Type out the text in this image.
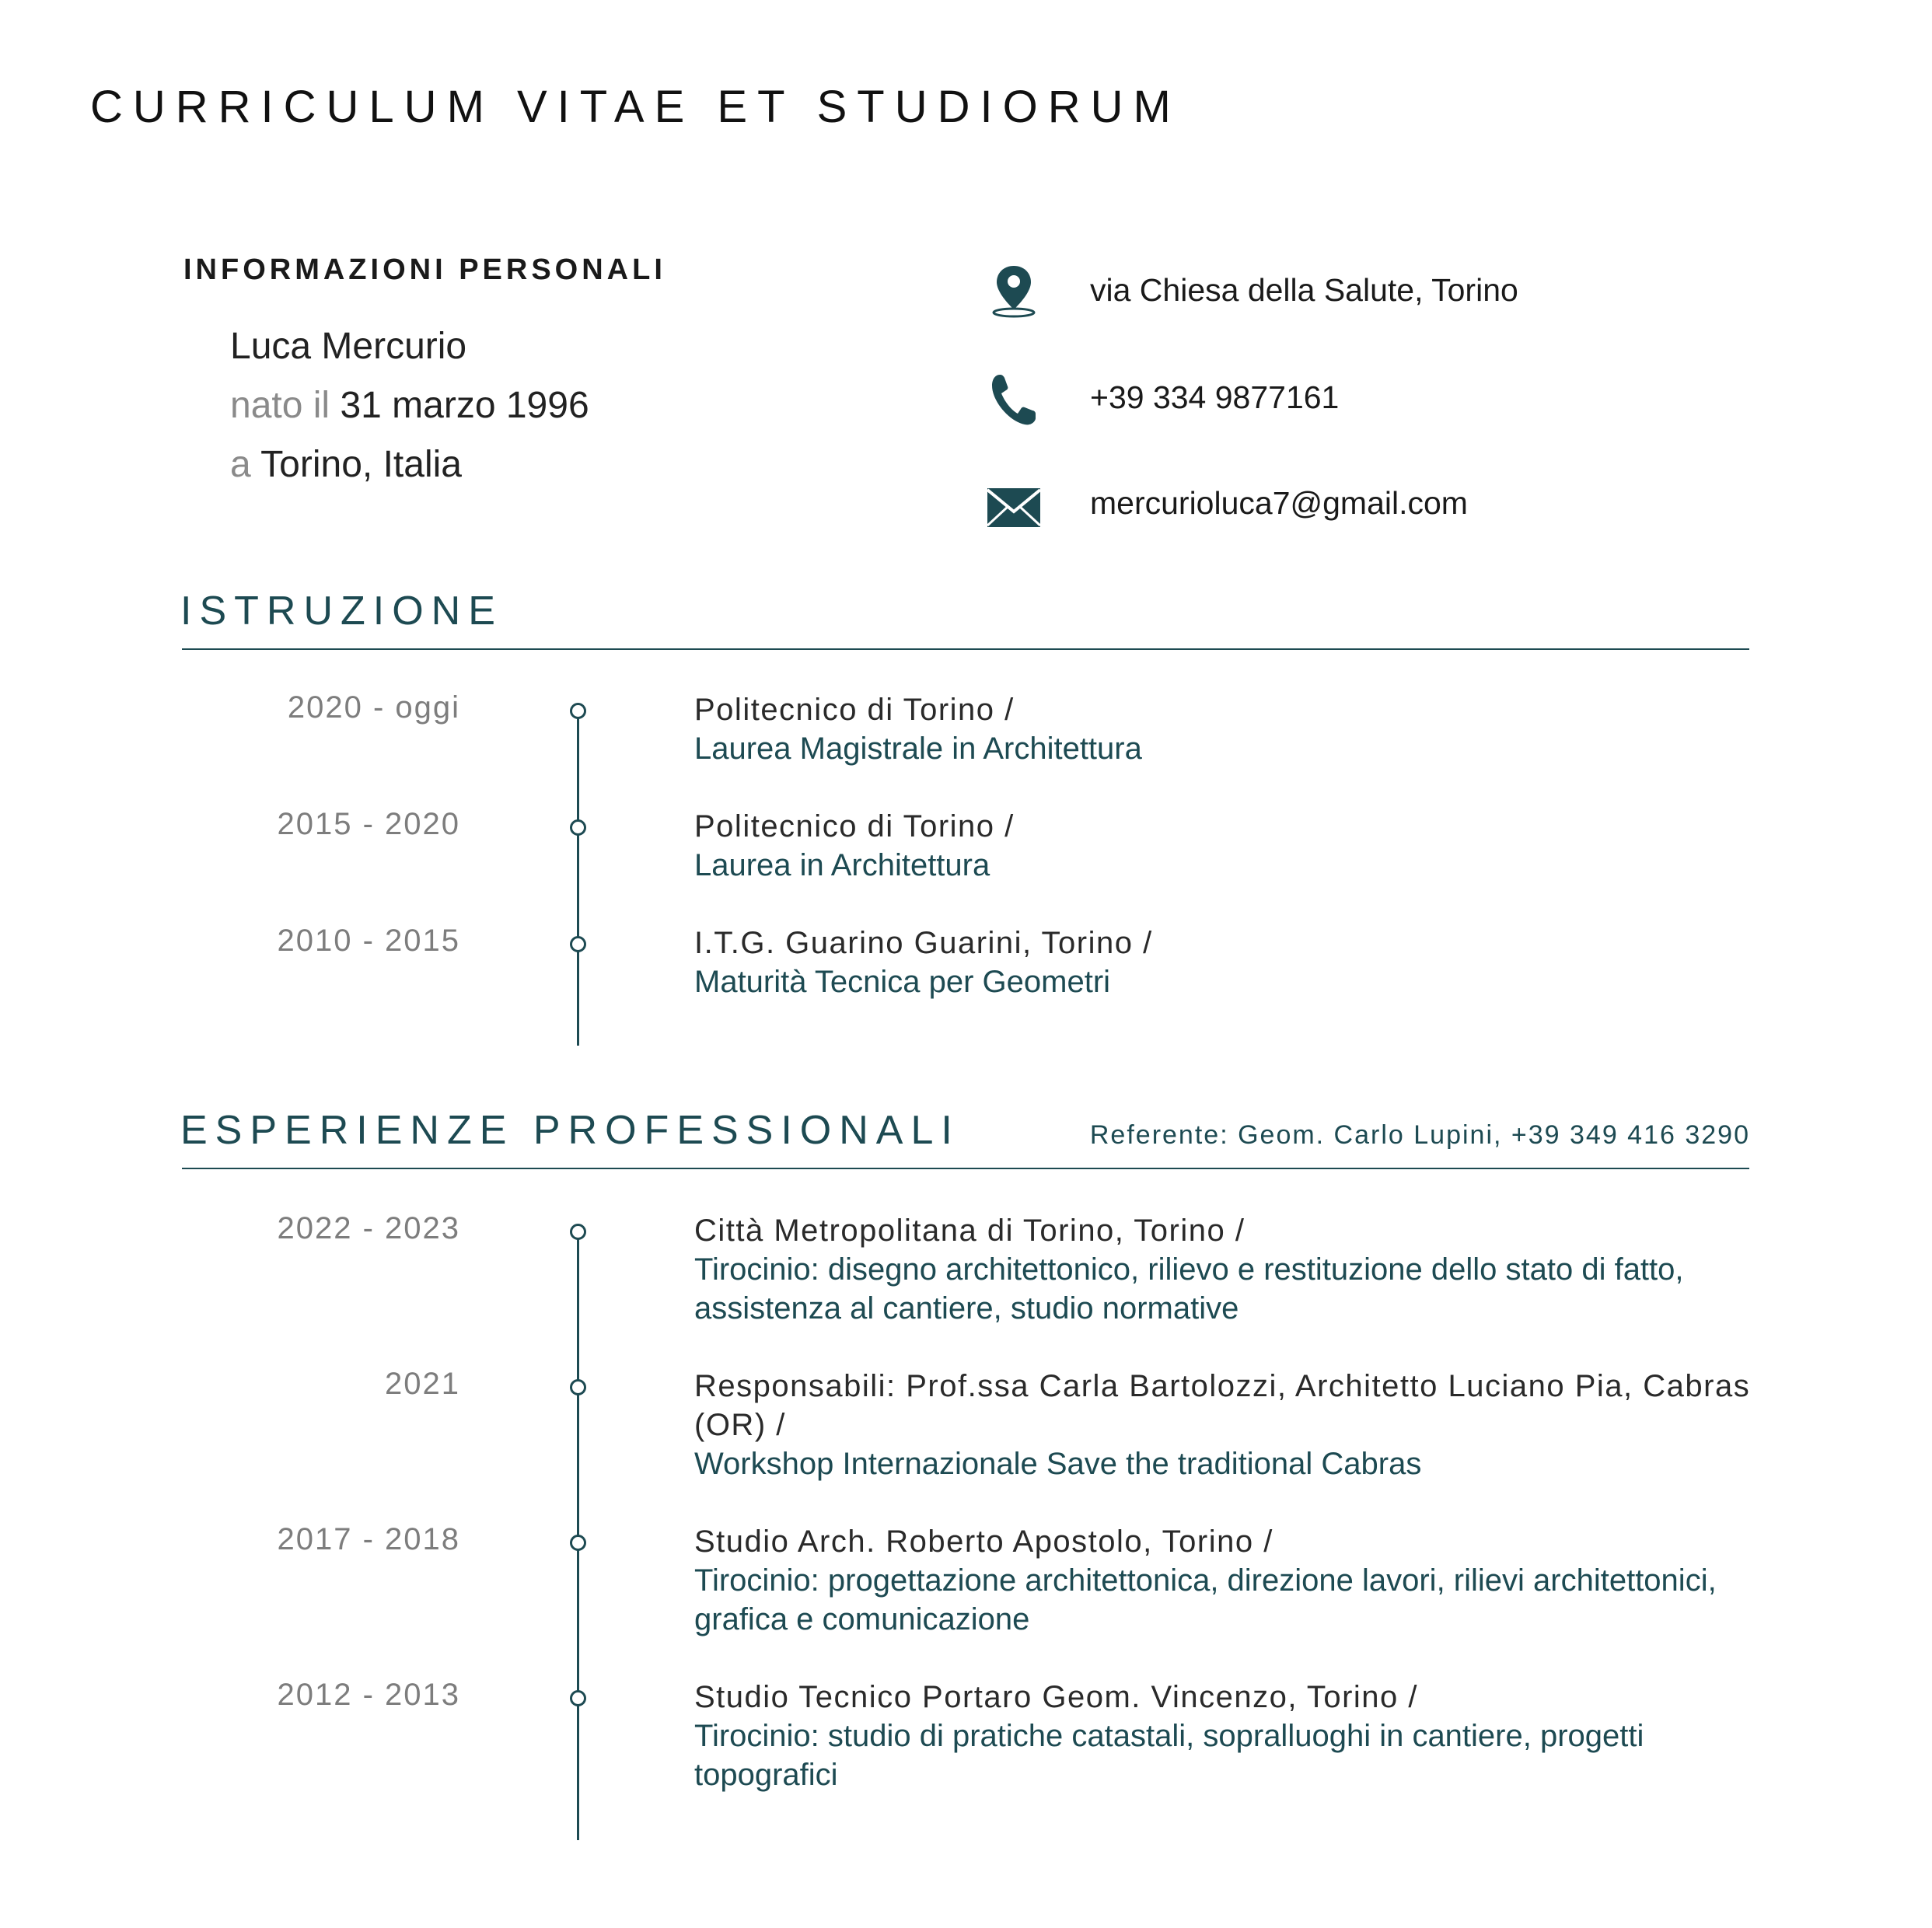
CURRICULUM VITAE ET STUDIORUM
INFORMAZIONI PERSONALI
Luca Mercurio
nato il 31 marzo 1996
a Torino, Italia
via Chiesa della Salute, Torino
+39 334 9877161
mercurioluca7@gmail.com
ISTRUZIONE
2020 - oggi	Politecnico di Torino /
Laurea Magistrale in Architettura
2015 - 2020	Politecnico di Torino /
Laurea in Architettura
2010 - 2015	I.T.G. Guarino Guarini, Torino /
Maturità Tecnica per Geometri
ESPERIENZE PROFESSIONALI	Referente: Geom. Carlo Lupini, +39 349 416 3290
2022 - 2023	Città Metropolitana di Torino, Torino /
Tirocinio: disegno architettonico, rilievo e restituzione dello stato di fatto, assistenza al cantiere, studio normative
2021	Responsabili: Prof.ssa Carla Bartolozzi, Architetto Luciano Pia, Cabras (OR) /
Workshop Internazionale Save the traditional Cabras
2017 - 2018	Studio Arch. Roberto Apostolo, Torino /
Tirocinio: progettazione architettonica, direzione lavori, rilievi architettonici, grafica e comunicazione
2012 - 2013	Studio Tecnico Portaro Geom. Vincenzo, Torino /
Tirocinio: studio di pratiche catastali, sopralluoghi in cantiere, progetti topografici
